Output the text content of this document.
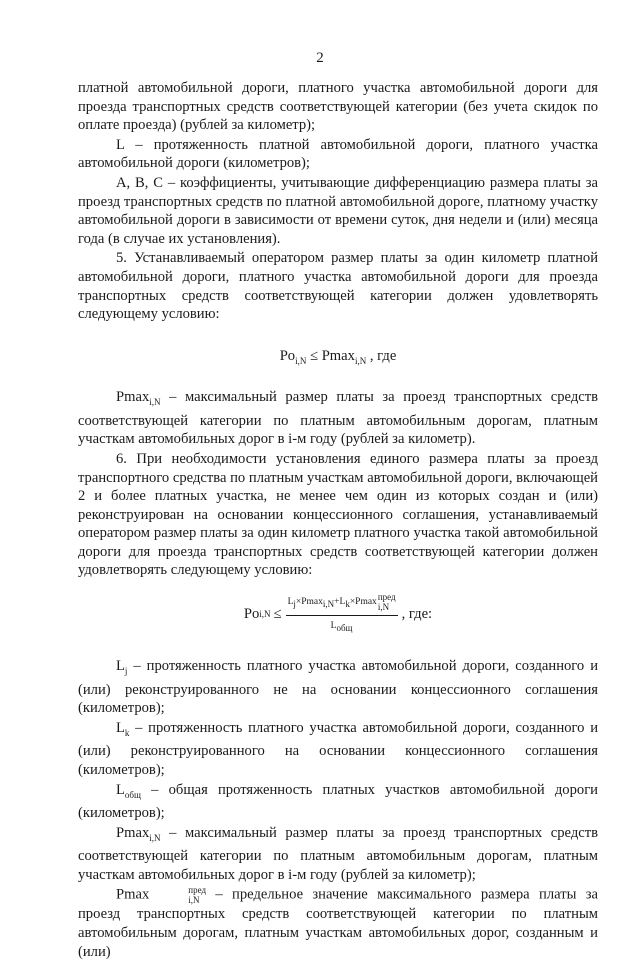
2

платной автомобильной дороги, платного участка автомобильной дороги для проезда транспортных средств соответствующей категории (без учета скидок по оплате проезда) (рублей за километр);

L – протяженность платной автомобильной дороги, платного участка автомобильной дороги (километров);

A, B, C – коэффициенты, учитывающие дифференциацию размера платы за проезд транспортных средств по платной автомобильной дороге, платному участку автомобильной дороги в зависимости от времени суток, дня недели и (или) месяца года (в случае их установления).

5. Устанавливаемый оператором размер платы за один километр платной автомобильной дороги, платного участка автомобильной дороги для проезда транспортных средств соответствующей категории должен удовлетворять следующему условию:

$Po_{i,N} \le Pmax_{i,N}$ , где

Pmax$_{i,N}$ – максимальный размер платы за проезд транспортных средств соответствующей категории по платным автомобильным дорогам, платным участкам автомобильных дорог в i-м году (рублей за километр).

6. При необходимости установления единого размера платы за проезд транспортного средства по платным участкам автомобильной дороги, включающей 2 и более платных участка, не менее чем один из которых создан и (или) реконструирован на основании концессионного соглашения, устанавливаемый оператором размер платы за один километр платного участка такой автомобильной дороги для проезда транспортных средств соответствующей категории должен удовлетворять следующему условию:

Po $i,N \le L_j\times Pmax_{i,N}+L_k\times Pmax$
пред
i,N
$L_{общ}$ , где:

$L_j$ – протяженность платного участка автомобильной дороги, созданного и (или) реконструированного не на основании концессионного соглашения (километров);

$L_k$ – протяженность платного участка автомобильной дороги, созданного и (или) реконструированного на основании концессионного соглашения (километров);

$L_{общ}$ – общая протяженность платных участков автомобильной дороги (километров);

Pmax$_{i,N}$ – максимальный размер платы за проезд транспортных средств соответствующей категории по платным автомобильным дорогам, платным участкам автомобильных дорог в i-м году (рублей за километр);

Pmax	пред
i,N – предельное значение максимального размера платы за проезд транспортных средств соответствующей категории по платным автомобильным дорогам, платным участкам автомобильных дорог, созданным и (или)
